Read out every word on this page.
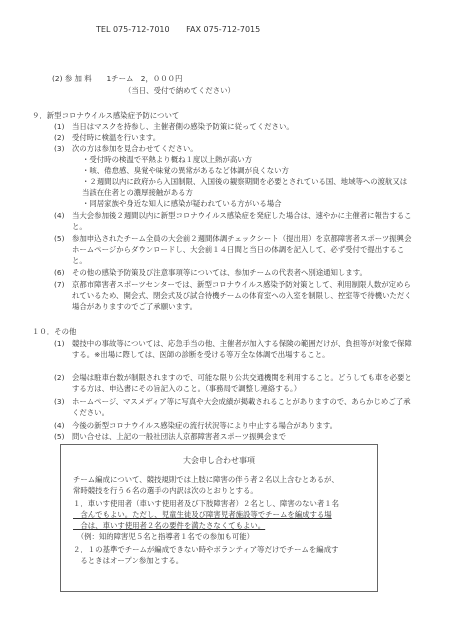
TEL 075-712-7010 FAX 075-712-7015
(2) 参 加 料　　1チーム　2，０００円
（当日、受付で納めてください）
９．新型コロナウイルス感染症予防について
(1) 当日はマスクを持参し、主催者側の感染予防策に従ってください。
(2) 受付時に検温を行います。
(3) 次の方は参加を見合わせてください。
・受付時の検温で平熱より概ね１度以上熱が高い方
・咳、倦怠感、臭覚や味覚の異常があるなど体調が良くない方
・２週間以内に政府から入国制限、入国後の観察期間を必要とされている国、地域等への渡航又は当該在住者との濃厚接触がある方
・同居家族や身近な知人に感染が疑われている方がいる場合
(4) 当大会参加後２週間以内に新型コロナウイルス感染症を発症した場合は、速やかに主催者に報告すること。
(5) 参加申込されたチーム全員の大会前２週間体調チェックシート（提出用）を京都障害者スポーツ振興会ホームページからダウンロードし、大会前１４日間と当日の体調を記入して、必ず受付で提出すること。
(6) その他の感染予防策及び注意事項等については、参加チームの代表者へ別途通知します。
(7) 京都市障害者スポーツセンターでは、新型コロナウイルス感染予防対策として、利用制限人数が定められているため、開会式、閉会式及び試合待機チームの体育室への入室を制限し、控室等で待機いただく場合がありますのでご了承願います。
１０．その他
(1) 競技中の事故等については、応急手当の他、主催者が加入する保険の範囲だけが、負担等が対象で保障する。※出場に際しては、医師の診断を受ける等万全な体調で出場すること。
(2) 会場は駐車台数が制限されますので、可能な限り公共交通機関を利用すること。どうしても車を必要とする方は、申込書にその旨記入のこと。（事務局で調整し連絡する。）
(3) ホームページ、マスメディア等に写真や大会成績が掲載されることがありますので、あらかじめご了承ください。
(4) 今後の新型コロナウイルス感染症の流行状況等により中止する場合があります。
(5) 問い合せは、上記の一般社団法人京都障害者スポーツ振興会まで
大会申し合わせ事項
チーム編成について、競技規則では上肢に障害の伴う者２名以上含むとあるが、
常時競技を行う６名の選手の内訳は次のとおりとする。
１．車いす使用者（車いす使用者及び下肢障害者）２名とし、障害のない者１名
　含んでもよい。ただし、児童生徒及び障害児者施設等でチームを編成する場
　合は、車いす使用者２名の要件を満たさなくてもよい。
　（例：知的障害児５名と指導者１名での参加も可能）
２．１の基準でチームが編成できない時やボランティア等だけでチームを編成す
　るときはオープン参加とする。
